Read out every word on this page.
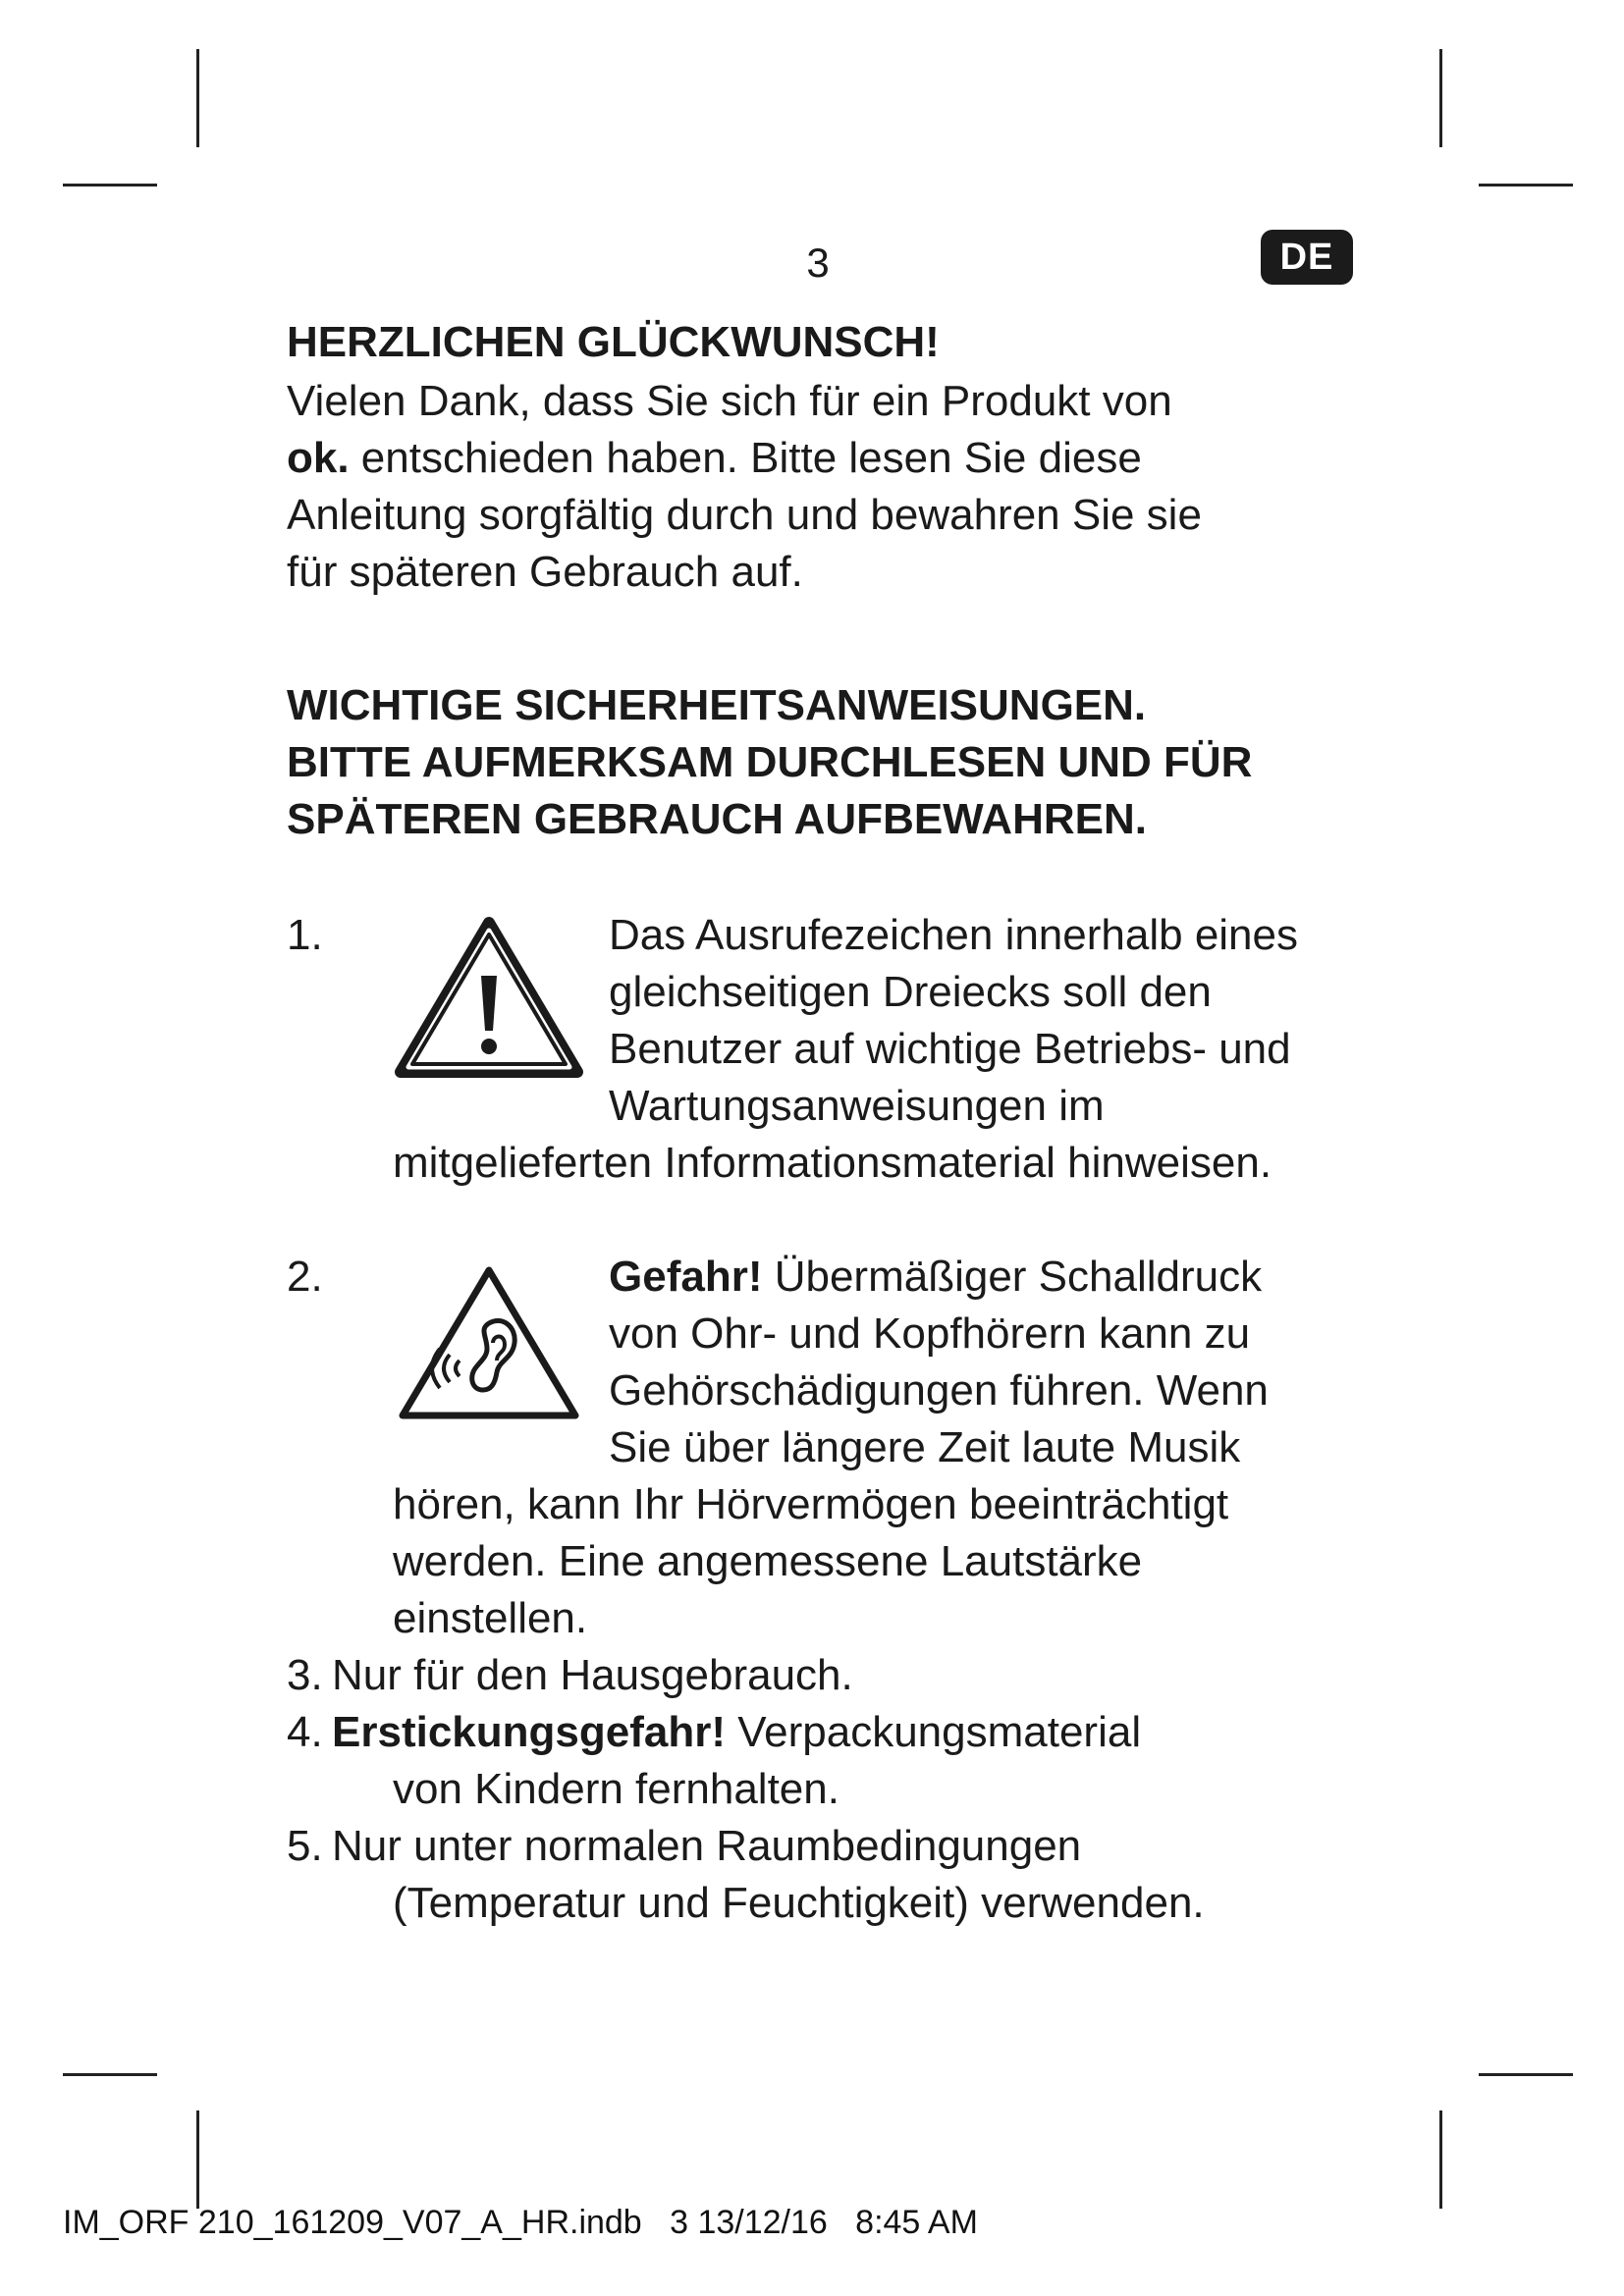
3	DE
HERZLICHEN GLÜCKWUNSCH!
Vielen Dank, dass Sie sich für ein Produkt von
ok. entschieden haben. Bitte lesen Sie diese
Anleitung sorgfältig durch und bewahren Sie sie
für späteren Gebrauch auf.
WICHTIGE SICHERHEITSANWEISUNGEN.
BITTE AUFMERKSAM DURCHLESEN UND FÜR
SPÄTEREN GEBRAUCH AUFBEWAHREN.
1.	Das Ausrufezeichen innerhalb eines
gleichseitigen Dreiecks soll den
Benutzer auf wichtige Betriebs- und
Wartungsanweisungen im
mitgelieferten Informationsmaterial hinweisen.
2.	Gefahr! Übermäßiger Schalldruck
von Ohr- und Kopfhörern kann zu
Gehörschädigungen führen. Wenn
Sie über längere Zeit laute Musik
hören, kann Ihr Hörvermögen beeinträchtigt
werden. Eine angemessene Lautstärke
einstellen.
3. Nur für den Hausgebrauch.
4. Erstickungsgefahr! Verpackungsmaterial
von Kindern fernhalten.
5. Nur unter normalen Raumbedingungen
(Temperatur und Feuchtigkeit) verwenden.
IM_ORF 210_161209_V07_A_HR.indb 3 13/12/16 8:45 AM
